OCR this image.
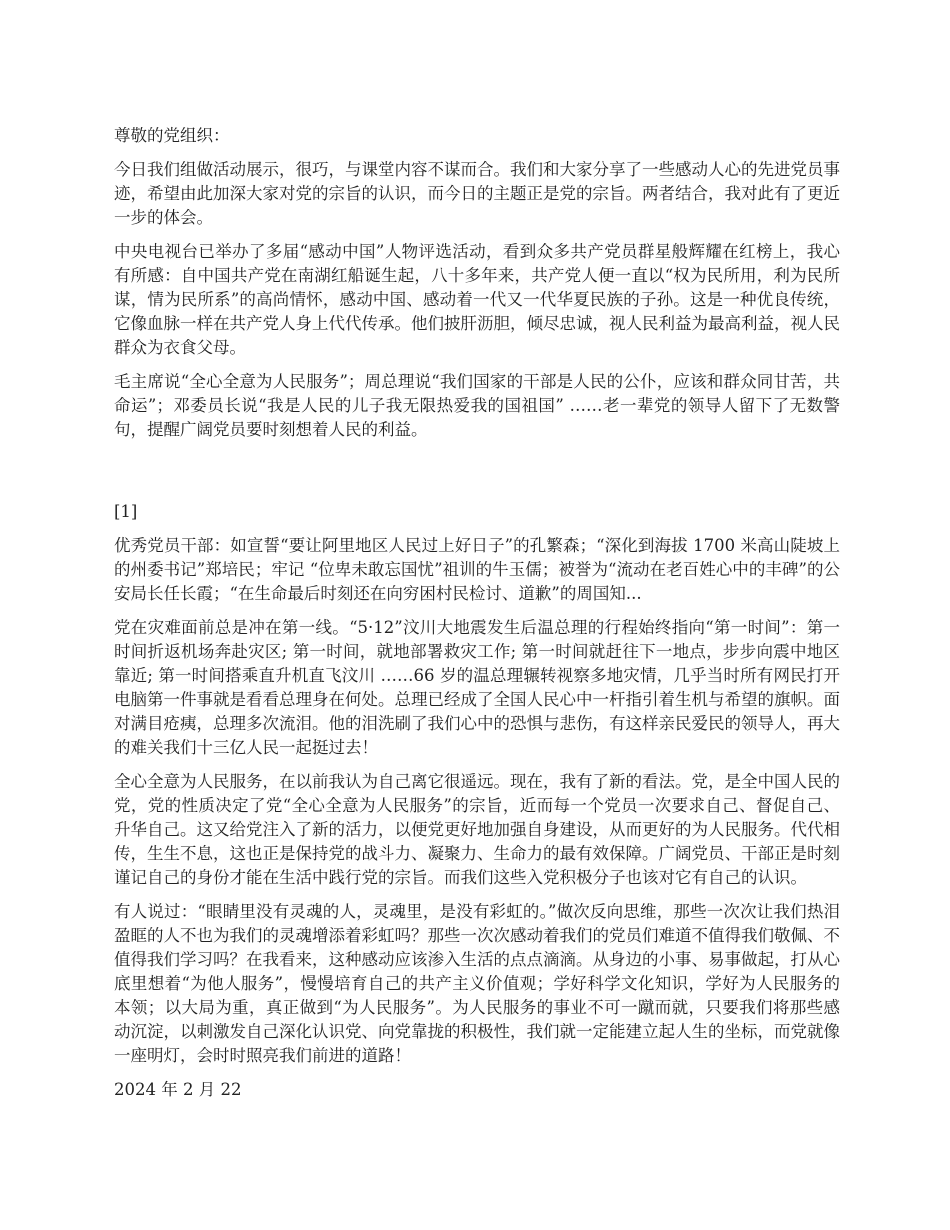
尊敬的党组织：

今日我们组做活动展示，很巧，与课堂内容不谋而合。我们和大家分享了一些感动人心的先进党员事迹，希望由此加深大家对党的宗旨的认识，而今日的主题正是党的宗旨。两者结合，我对此有了更近一步的体会。

中央电视台已举办了多届“感动中国”人物评选活动，看到众多共产党员群星般辉耀在红榜上，我心有所感：自中国共产党在南湖红船诞生起，八十多年来，共产党人便一直以“权为民所用，利为民所谋，情为民所系”的高尚情怀，感动中国、感动着一代又一代华夏民族的子孙。这是一种优良传统，它像血脉一样在共产党人身上代代传承。他们披肝沥胆，倾尽忠诚，视人民利益为最高利益，视人民群众为衣食父母。

毛主席说“全心全意为人民服务”；周总理说“我们国家的干部是人民的公仆，应该和群众同甘苦，共命运”；邓委员长说“我是人民的儿子我无限热爱我的国祖国” ……老一辈党的领导人留下了无数警句，提醒广阔党员要时刻想着人民的利益。

[1]

优秀党员干部：如宣誓“要让阿里地区人民过上好日子”的孔繁森；“深化到海拔 1700 米高山陡坡上的州委书记”郑培民；牢记 “位卑未敢忘国忧”祖训的牛玉儒；被誉为“流动在老百姓心中的丰碑”的公安局长任长霞；“在生命最后时刻还在向穷困村民检讨、道歉”的周国知...

党在灾难面前总是冲在第一线。“5·12”汶川大地震发生后温总理的行程始终指向“第一时间”：第一时间折返机场奔赴灾区; 第一时间，就地部署救灾工作; 第一时间就赶往下一地点，步步向震中地区靠近; 第一时间搭乘直升机直飞汶川 ……66 岁的温总理辗转视察多地灾情，几乎当时所有网民打开电脑第一件事就是看看总理身在何处。总理已经成了全国人民心中一杆指引着生机与希望的旗帜。面对满目疮痍，总理多次流泪。他的泪洗刷了我们心中的恐惧与悲伤，有这样亲民爱民的领导人，再大的难关我们十三亿人民一起挺过去！

全心全意为人民服务，在以前我认为自己离它很遥远。现在，我有了新的看法。党，是全中国人民的党，党的性质决定了党“全心全意为人民服务”的宗旨，近而每一个党员一次要求自己、督促自己、升华自己。这又给党注入了新的活力，以便党更好地加强自身建设，从而更好的为人民服务。代代相传，生生不息，这也正是保持党的战斗力、凝聚力、生命力的最有效保障。广阔党员、干部正是时刻谨记自己的身份才能在生活中践行党的宗旨。而我们这些入党积极分子也该对它有自己的认识。

有人说过：“眼睛里没有灵魂的人，灵魂里，是没有彩虹的。”做次反向思维，那些一次次让我们热泪盈眶的人不也为我们的灵魂增添着彩虹吗？那些一次次感动着我们的党员们难道不值得我们敬佩、不值得我们学习吗？在我看来，这种感动应该渗入生活的点点滴滴。从身边的小事、易事做起，打从心底里想着“为他人服务”，慢慢培育自己的共产主义价值观；学好科学文化知识，学好为人民服务的本领；以大局为重，真正做到“为人民服务”。为人民服务的事业不可一蹴而就，只要我们将那些感动沉淀，以刺激发自己深化认识党、向党靠拢的积极性，我们就一定能建立起人生的坐标，而党就像一座明灯，会时时照亮我们前进的道路！

2024 年 2 月 22
